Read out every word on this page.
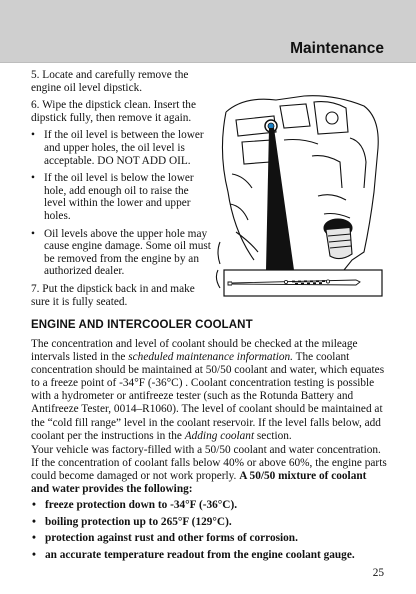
Maintenance

5. Locate and carefully remove the engine oil level dipstick.

6. Wipe the dipstick clean. Insert the dipstick fully, then remove it again.

• If the oil level is between the lower and upper holes, the oil level is acceptable. DO NOT ADD OIL.
• If the oil level is below the lower hole, add enough oil to raise the level within the lower and upper holes.
• Oil levels above the upper hole may cause engine damage. Some oil must be removed from the engine by an authorized dealer.

7. Put the dipstick back in and make sure it is fully seated.

ENGINE AND INTERCOOLER COOLANT

The concentration and level of coolant should be checked at the mileage intervals listed in the scheduled maintenance information. The coolant concentration should be maintained at 50/50 coolant and water, which equates to a freeze point of -34°F (-36°C) . Coolant concentration testing is possible with a hydrometer or antifreeze tester (such as the Rotunda Battery and Antifreeze Tester, 0014–R1060). The level of coolant should be maintained at the “cold fill range” level in the coolant reservoir. If the level falls below, add coolant per the instructions in the Adding coolant section.

Your vehicle was factory-filled with a 50/50 coolant and water concentration. If the concentration of coolant falls below 40% or above 60%, the engine parts could become damaged or not work properly. A 50/50 mixture of coolant and water provides the following:

• freeze protection down to -34°F (-36°C).
• boiling protection up to 265°F (129°C).
• protection against rust and other forms of corrosion.
• an accurate temperature readout from the engine coolant gauge.
25
